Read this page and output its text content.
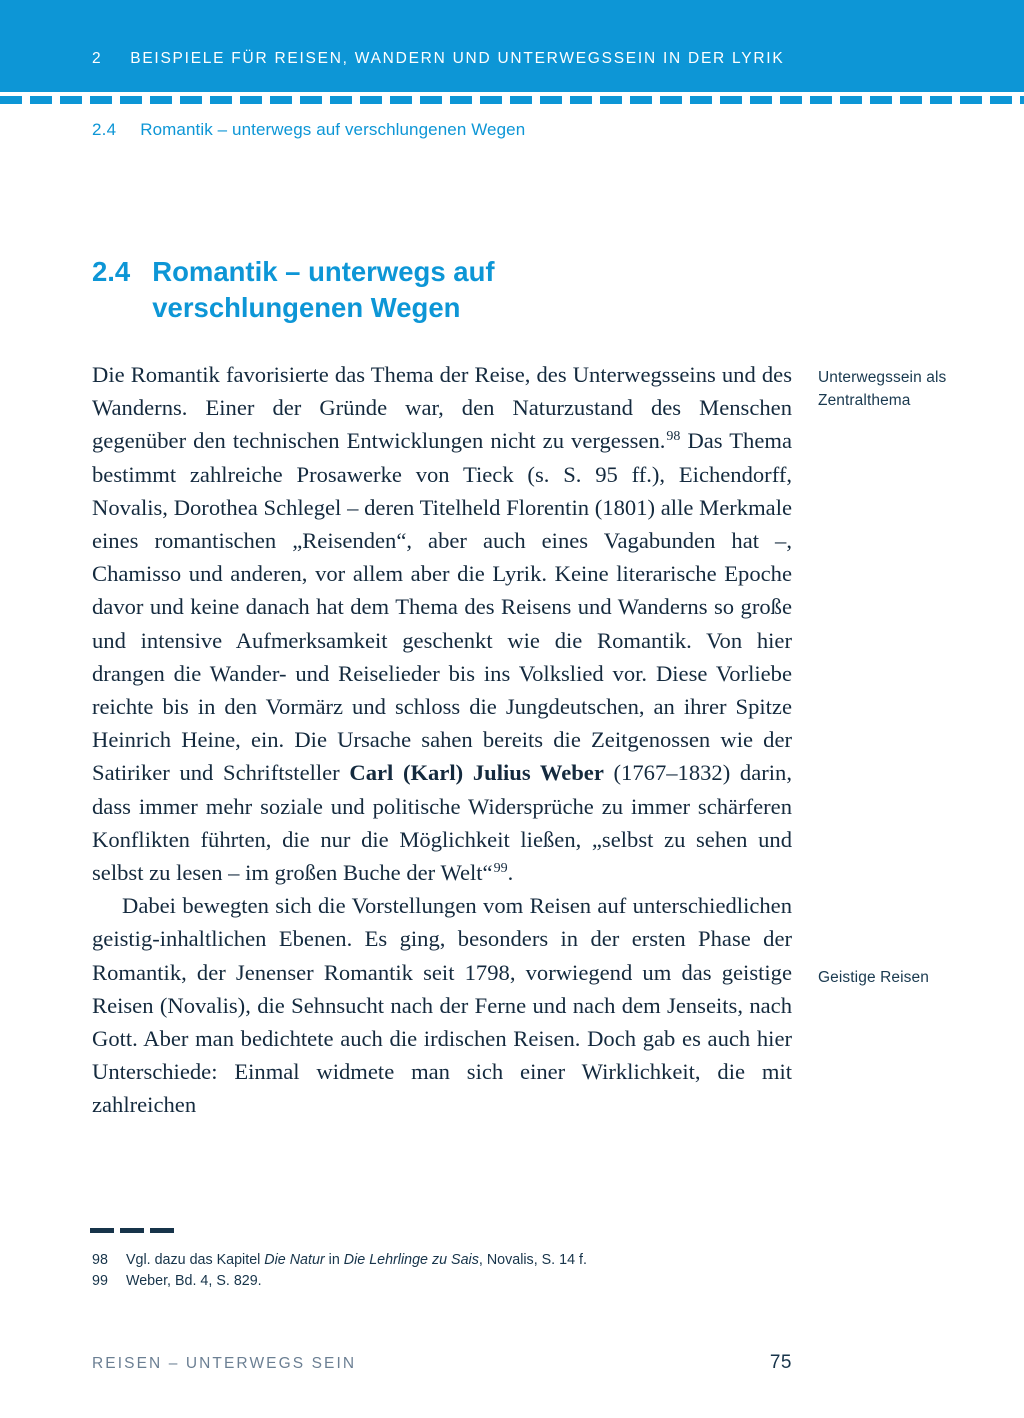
2 BEISPIELE FÜR REISEN, WANDERN UND UNTERWEGSSEIN IN DER LYRIK
2.4 Romantik – unterwegs auf verschlungenen Wegen
2.4 Romantik – unterwegs auf verschlungenen Wegen

Die Romantik favorisierte das Thema der Reise, des Unterwegsseins und des Wanderns. Einer der Gründe war, den Naturzustand des Menschen gegenüber den technischen Entwicklungen nicht zu vergessen.$^{98}$ Das Thema bestimmt zahlreiche Prosawerke von Tieck (s. S. 95 ff.), Eichendorff, Novalis, Dorothea Schlegel – deren Titelheld Florentin (1801) alle Merkmale eines romantischen „Reisenden“, aber auch eines Vagabunden hat –, Chamisso und anderen, vor allem aber die Lyrik. Keine literarische Epoche davor und keine danach hat dem Thema des Reisens und Wanderns so große und intensive Aufmerksamkeit geschenkt wie die Romantik. Von hier drangen die Wander- und Reiselieder bis ins Volkslied vor. Diese Vorliebe reichte bis in den Vormärz und schloss die Jungdeutschen, an ihrer Spitze Heinrich Heine, ein. Die Ursache sahen bereits die Zeitgenossen wie der Satiriker und Schriftsteller Carl (Karl) Julius Weber (1767–1832) darin, dass immer mehr soziale und politische Widersprüche zu immer schärferen Konflikten führten, die nur die Möglichkeit ließen, „selbst zu sehen und selbst zu lesen – im großen Buche der Welt“$^{99}$.

Dabei bewegten sich die Vorstellungen vom Reisen auf unterschiedlichen geistig-inhaltlichen Ebenen. Es ging, besonders in der ersten Phase der Romantik, der Jenenser Romantik seit 1798, vorwiegend um das geistige Reisen (Novalis), die Sehnsucht nach der Ferne und nach dem Jenseits, nach Gott. Aber man bedichtete auch die irdischen Reisen. Doch gab es auch hier Unterschiede: Einmal widmete man sich einer Wirklichkeit, die mit zahlreichen

Unterwegssein als Zentralthema
Geistige Reisen
98	Vgl. dazu das Kapitel Die Natur in Die Lehrlinge zu Sais, Novalis, S. 14 f.
99	Weber, Bd. 4, S. 829.
REISEN – UNTERWEGS SEIN	75
